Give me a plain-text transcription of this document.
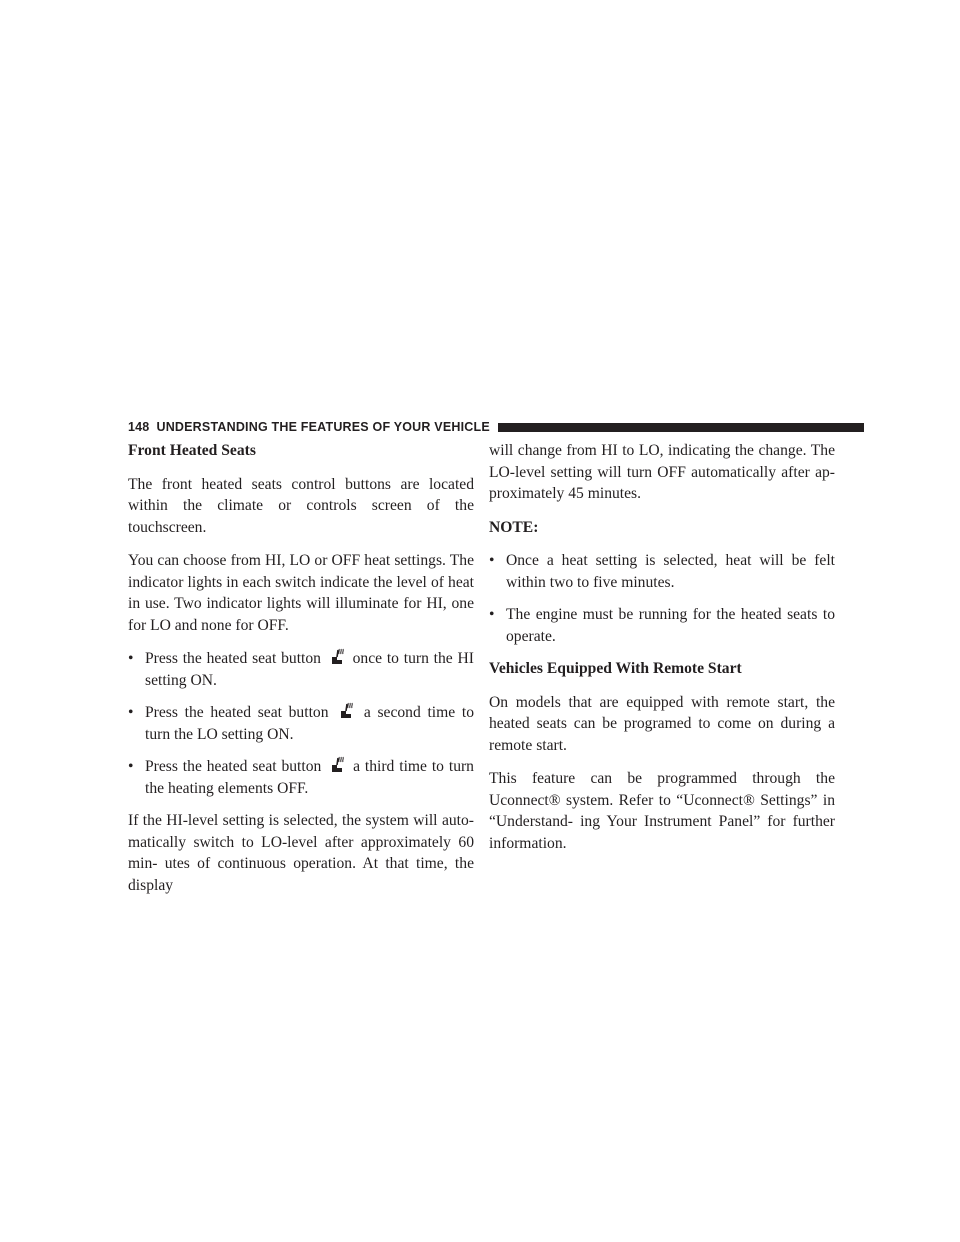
148 UNDERSTANDING THE FEATURES OF YOUR VEHICLE

Front Heated Seats

The front heated seats control buttons are located within the climate or controls screen of the touchscreen.

You can choose from HI, LO or OFF heat settings. The indicator lights in each switch indicate the level of heat in use. Two indicator lights will illuminate for HI, one for LO and none for OFF.

• Press the heated seat button once to turn the HI setting ON.
• Press the heated seat button a second time to turn the LO setting ON.
• Press the heated seat button a third time to turn the heating elements OFF.

If the HI-level setting is selected, the system will auto- matically switch to LO-level after approximately 60 min- utes of continuous operation. At that time, the display

will change from HI to LO, indicating the change. The LO-level setting will turn OFF automatically after ap- proximately 45 minutes.

NOTE:

• Once a heat setting is selected, heat will be felt within two to five minutes.
• The engine must be running for the heated seats to operate.

Vehicles Equipped With Remote Start

On models that are equipped with remote start, the heated seats can be programed to come on during a remote start.

This feature can be programmed through the Uconnect® system. Refer to “Uconnect® Settings” in “Understand- ing Your Instrument Panel” for further information.
